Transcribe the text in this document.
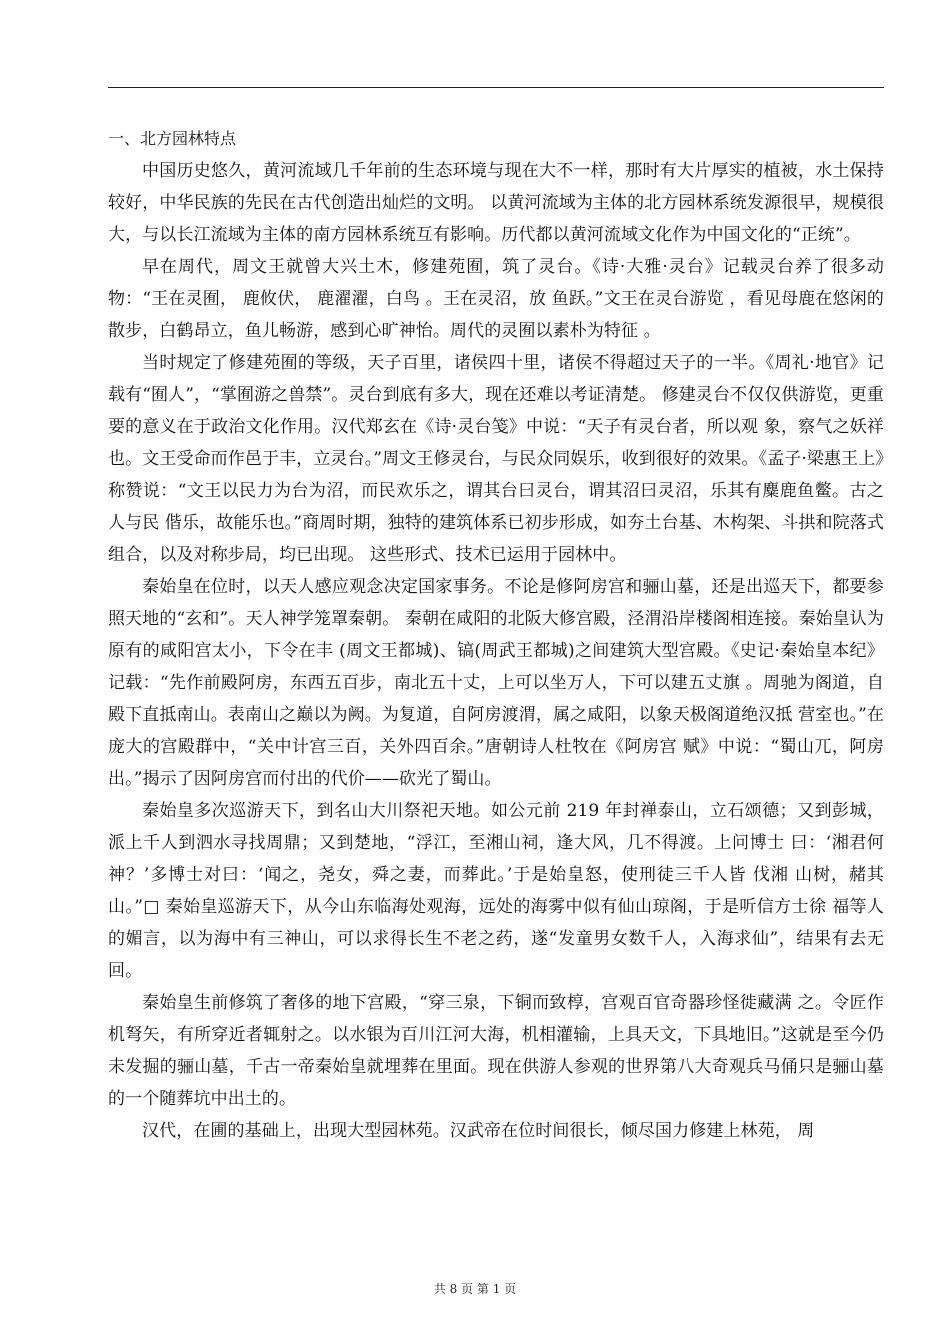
一、北方园林特点

中国历史悠久，黄河流域几千年前的生态环境与现在大不一样，那时有大片厚实的植被，水土保持较好，中华民族的先民在古代创造出灿烂的文明。 以黄河流域为主体的北方园林系统发源很早，规模很大，与以长江流域为主体的南方园林系统互有影响。历代都以黄河流域文化作为中国文化的“正统”。

早在周代，周文王就曾大兴土木，修建苑囿，筑了灵台。《诗·大雅·灵台》记载灵台养了很多动物：“王在灵囿， 鹿攸伏， 鹿濯濯，白鸟 。王在灵沼，放 鱼跃。”文王在灵台游览 ，看见母鹿在悠闲的散步，白鹤昂立，鱼儿畅游，感到心旷神怡。周代的灵囿以素朴为特征 。

当时规定了修建苑囿的等级，天子百里，诸侯四十里，诸侯不得超过天子的一半。《周礼·地官》记载有“囿人”，“掌囿游之兽禁”。灵台到底有多大，现在还难以考证清楚。 修建灵台不仅仅供游览，更重要的意义在于政治文化作用。汉代郑玄在《诗·灵台笺》中说：“天子有灵台者，所以观 象，察气之妖祥也。文王受命而作邑于丰，立灵台。”周文王修灵台，与民众同娱乐，收到很好的效果。《孟子·梁惠王上》称赞说：“文王以民力为台为沼，而民欢乐之，谓其台曰灵台，谓其沼曰灵沼，乐其有麋鹿鱼鳖。古之人与民 偕乐，故能乐也。”商周时期，独特的建筑体系已初步形成，如夯土台基、木构架、斗拱和院落式组合，以及对称步局，均已出现。 这些形式、技术已运用于园林中。

秦始皇在位时，以天人感应观念决定国家事务。不论是修阿房宫和骊山墓，还是出巡天下，都要参照天地的“玄和”。天人神学笼罩秦朝。 秦朝在咸阳的北阪大修宫殿，泾渭沿岸楼阁相连接。秦始皇认为原有的咸阳宫太小，下令在丰 (周文王都城)、镐(周武王都城)之间建筑大型宫殿。《史记·秦始皇本纪》记载：“先作前殿阿房，东西五百步，南北五十丈，上可以坐万人，下可以建五丈旗 。周驰为阁道，自 殿下直抵南山。表南山之巅以为阙。为复道，自阿房渡渭，属之咸阳，以象天极阁道绝汉抵 营室也。”在庞大的宫殿群中，“关中计宫三百，关外四百余。”唐朝诗人杜牧在《阿房宫 赋》中说：“蜀山兀，阿房出。”揭示了因阿房宫而付出的代价——砍光了蜀山。

秦始皇多次巡游天下，到名山大川祭祀天地。如公元前 219 年封禅泰山，立石颂德；又到彭城，派上千人到泗水寻找周鼎；又到楚地，“浮江，至湘山祠，逢大风，几不得渡。上问博士 曰：‘湘君何神？’多博士对曰：‘闻之，尧女，舜之妻，而葬此。’于是始皇怒，使刑徒三千人皆 伐湘 山树，赭其山。”□ 秦始皇巡游天下，从今山东临海处观海，远处的海雾中似有仙山琼阁，于是听信方士徐 福等人的媚言，以为海中有三神山，可以求得长生不老之药，遂“发童男女数千人，入海求仙”，结果有去无回。

秦始皇生前修筑了奢侈的地下宫殿，“穿三泉，下铜而致椁，宫观百官奇器珍怪徙藏满 之。令匠作机弩矢，有所穿近者辄射之。以水银为百川江河大海，机相灌输，上具天文，下具地旧。”这就是至今仍未发掘的骊山墓，千古一帝秦始皇就埋葬在里面。现在供游人参观的世界第八大奇观兵马俑只是骊山墓的一个随葬坑中出土的。

汉代，在圃的基础上，出现大型园林苑。汉武帝在位时间很长，倾尽国力修建上林苑， 周

共 8 页 第 1 页
